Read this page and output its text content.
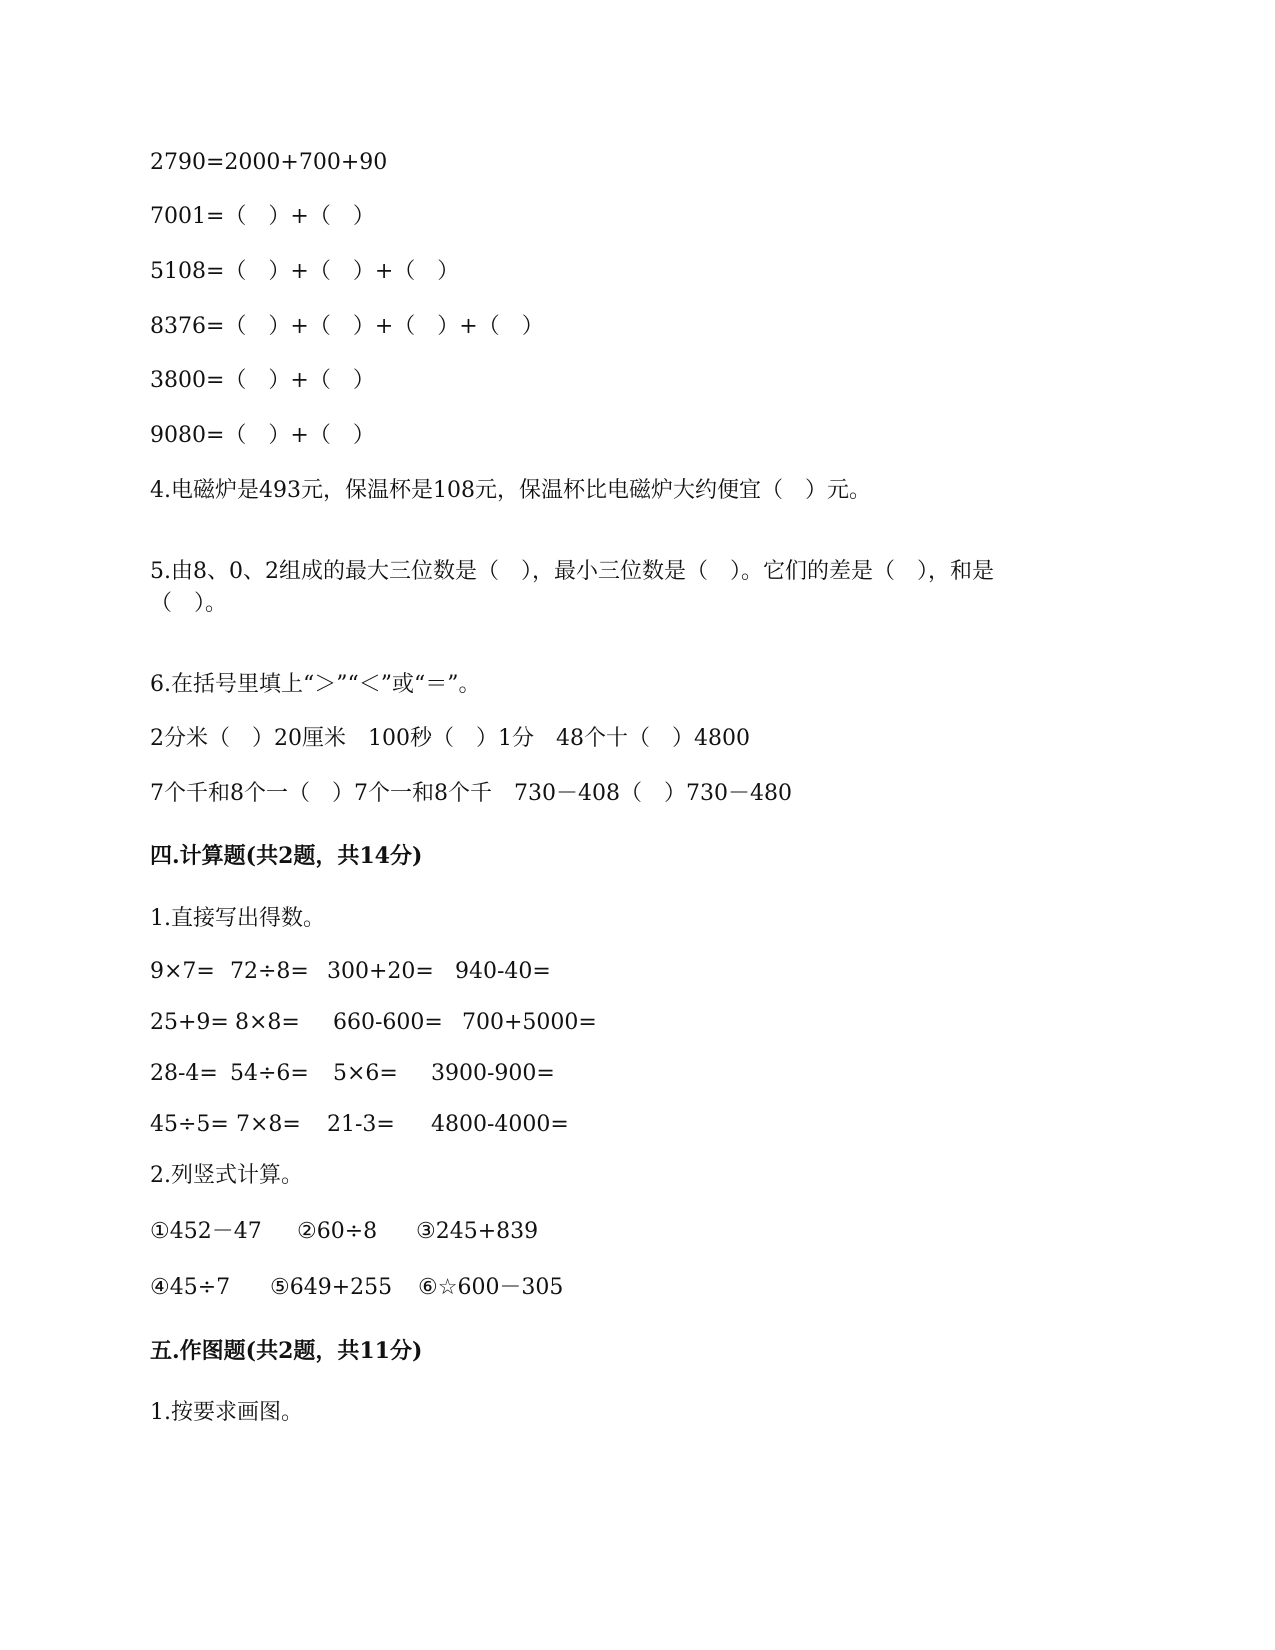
2790=2000+700+90
7001=（　）+（　）
5108=（　）+（　）+（　）
8376=（　）+（　）+（　）+（　）
3800=（　）+（　）
9080=（　）+（　）
4.电磁炉是493元，保温杯是108元，保温杯比电磁炉大约便宜（　）元。
5.由8、0、2组成的最大三位数是（　），最小三位数是（　）。它们的差是（　），和是
（　）。
6.在括号里填上“＞”“＜”或“＝”。
2分米（　）20厘米　100秒（　）1分　48个十（　）4800
7个千和8个一（　）7个一和8个千　730－408（　）730－480
四.计算题(共2题，共14分)
1.直接写出得数。

9×7=

72÷8=

300+20=

940-40=

25+9=

8×8=

660-600=

700+5000=

28-4=

54÷6=

5×6=

3900-900=

45÷5=

7×8=

21-3=

4800-4000=

2.列竖式计算。

①452－47

②60÷8

③245+839

④45÷7

⑤649+255

⑥☆600－305

五.作图题(共2题，共11分)
1.按要求画图。
